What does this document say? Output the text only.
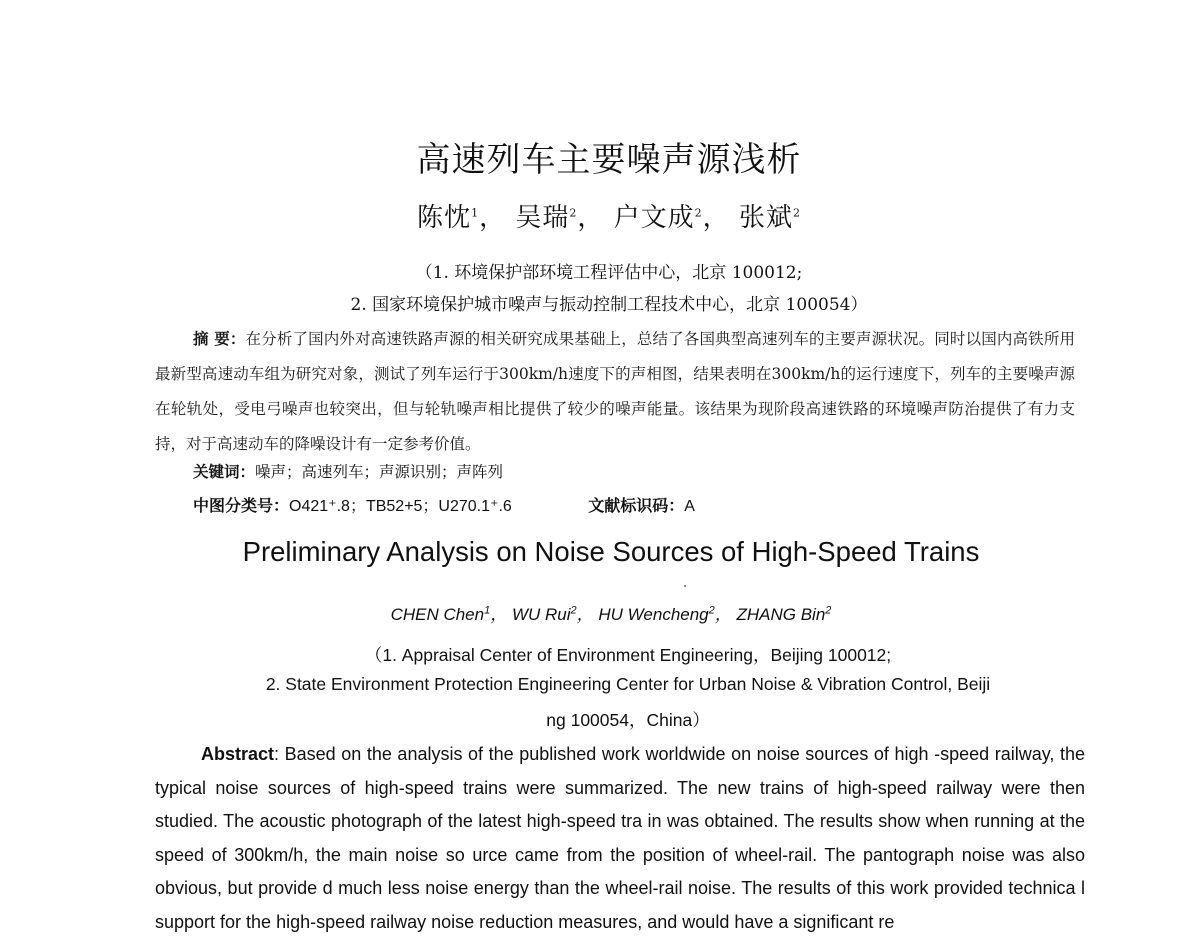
高速列车主要噪声源浅析
陈忱$^1$， 吴瑞$^2$， 户文成$^2$， 张斌$^2$
（1. 环境保护部环境工程评估中心，北京 100012;
2. 国家环境保护城市噪声与振动控制工程技术中心，北京 100054）
摘 要：在分析了国内外对高速铁路声源的相关研究成果基础上，总结了各国典型高速列车的主要声源状况。同时以国内高铁所用最新型高速动车组为研究对象，测试了列车运行于300km/h速度下的声相图，结果表明在300km/h的运行速度下，列车的主要噪声源在轮轨处，受电弓噪声也较突出，但与轮轨噪声相比提供了较少的噪声能量。该结果为现阶段高速铁路的环境噪声防治提供了有力支持，对于高速动车的降噪设计有一定参考价值。
关键词：噪声；高速列车；声源识别；声阵列
中图分类号：O421⁺.8；TB52+5；U270.1⁺.6	文献标识码：A
Preliminary Analysis on Noise Sources of High-Speed Trains
CHEN Chen$^1$， WU Rui$^2$， HU Wencheng$^2$， ZHANG Bin$^2$
（1. Appraisal Center of Environment Engineering，Beijing 100012;
2. State Environment Protection Engineering Center for Urban Noise & Vibration Control, Beiji
ng 100054，China）
Abstract: Based on the analysis of the published work worldwide on noise sources of high -speed railway, the typical noise sources of high-speed trains were summarized. The new trains of high-speed railway were then studied. The acoustic photograph of the latest high-speed tra in was obtained. The results show when running at the speed of 300km/h, the main noise so urce came from the position of wheel-rail. The pantograph noise was also obvious, but provide d much less noise energy than the wheel-rail noise. The results of this work provided technica l support for the high-speed railway noise reduction measures, and would have a significant re
